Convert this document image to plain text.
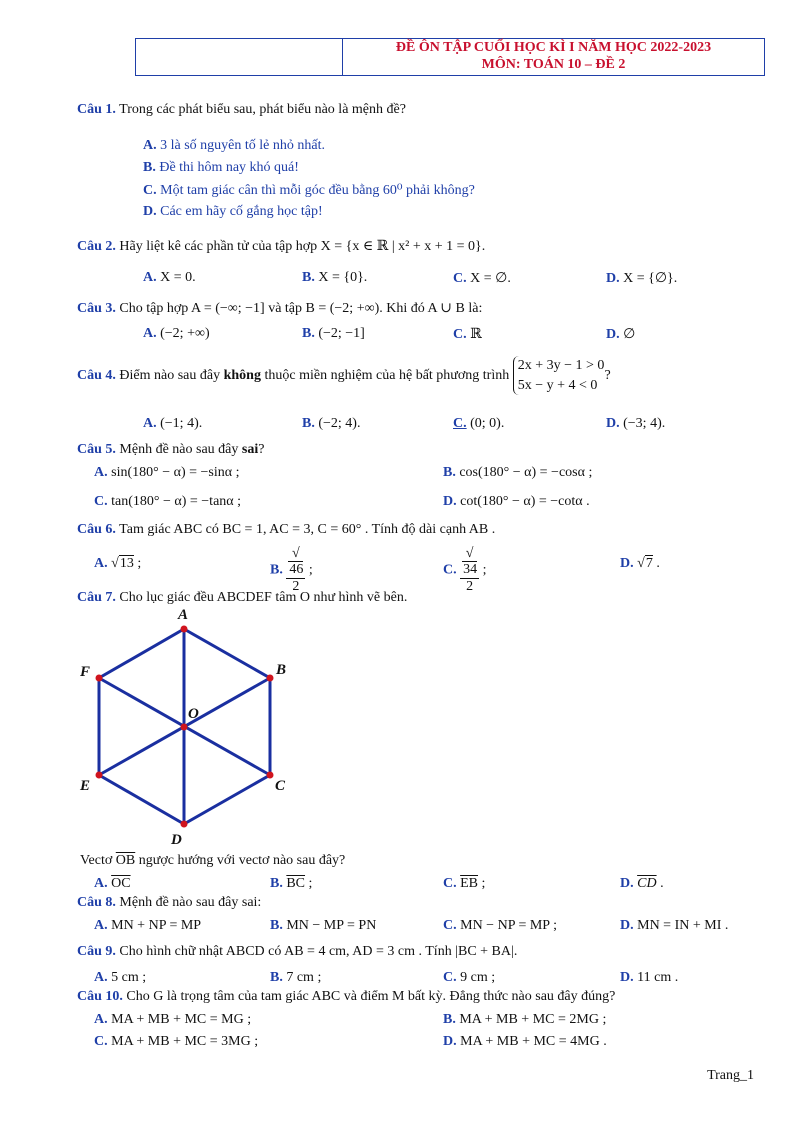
ĐỀ ÔN TẬP CUỐI HỌC KÌ I NĂM HỌC 2022-2023
MÔN: TOÁN 10 – ĐỀ 2
Câu 1. Trong các phát biểu sau, phát biểu nào là mệnh đề?
A. 3 là số nguyên tố lẻ nhỏ nhất.
B. Đề thi hôm nay khó quá!
C. Một tam giác cân thì mỗi góc đều bằng 60⁰ phải không?
D. Các em hãy cố gắng học tập!
Câu 2. Hãy liệt kê các phần tử của tập hợp X = {x ∈ ℝ | x² + x + 1 = 0}.
A. X = 0.	B. X = {0}.	C. X = ∅.	D. X = {∅}.
Câu 3. Cho tập hợp A = (−∞; −1] và tập B = (−2; +∞). Khi đó A ∪ B là:
A. (−2; +∞)	B. (−2; −1]	C. ℝ	D. ∅
Câu 4. Điểm nào sau đây không thuộc miền nghiệm của hệ bất phương trình
2x + 3y − 1 > 0
5x − y + 4 < 0
?
A. (−1; 4).	B. (−2; 4).	C. (0; 0).	D. (−3; 4).
Câu 5. Mệnh đề nào sau đây sai?
A. sin(180° − α) = −sinα ;	B. cos(180° − α) = −cosα ;
C. tan(180° − α) = −tanα ;	D. cot(180° − α) = −cotα .
Câu 6. Tam giác ABC có BC = 1, AC = 3, C = 60° . Tính độ dài cạnh AB .
A. √13 ;	B. √
46
2 ;	C. √
34
2 ;	D. √7 .
Câu 7. Cho lục giác đều ABCDEF tâm O như hình vẽ bên.
A
B
C
D
E
F
O
Vectơ $\overline{OB}$ ngược hướng với vectơ nào sau đây?
A. $\overline{OC}$	B. $\overline{BC}$ ;	C. $\overline{EB}$ ;	D. $\overline{CD}$ .
Câu 8. Mệnh đề nào sau đây sai:
A. MN + NP = MP	B. MN − MP = PN	C. MN − NP = MP ;	D. MN = IN + MI .
Câu 9. Cho hình chữ nhật ABCD có AB = 4 cm, AD = 3 cm . Tính |BC + BA|.
A. 5 cm ;	B. 7 cm ;	C. 9 cm ;	D. 11 cm .
Câu 10. Cho G là trọng tâm của tam giác ABC và điểm M bất kỳ. Đẳng thức nào sau đây đúng?
A. MA + MB + MC = MG ;	B. MA + MB + MC = 2MG ;
C. MA + MB + MC = 3MG ;	D. MA + MB + MC = 4MG .
Trang_1
